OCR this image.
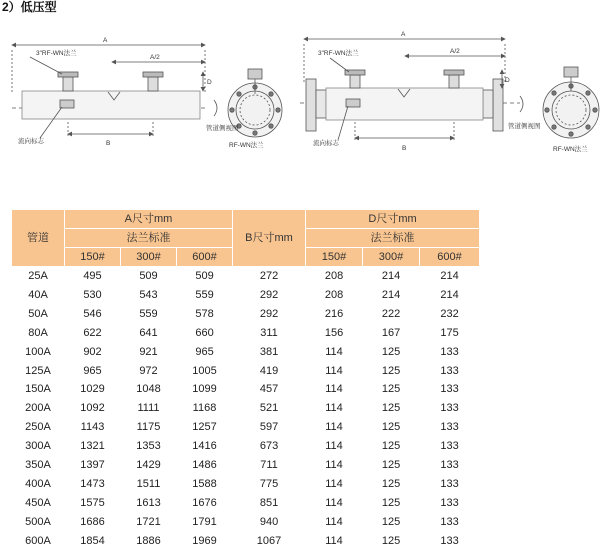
2）低压型
A
A/2
B
D
3"RF-WN法兰
流向标志
管道侧视图
RF-WN法兰
A
A/2
B
D
3"RF-WN法兰
流向标志
管道侧视图
RF-WN法兰
管道	A尺寸mm			B尺寸mm	D尺寸mm		
	法兰标准				法兰标准		
	150#	300#	600#		150#	300#	600#
25A	495	509	509	272	208	214	214
40A	530	543	559	292	208	214	214
50A	546	559	578	292	216	222	232
80A	622	641	660	311	156	167	175
100A	902	921	965	381	114	125	133
125A	965	972	1005	419	114	125	133
150A	1029	1048	1099	457	114	125	133
200A	1092	1111	1168	521	114	125	133
250A	1143	1175	1257	597	114	125	133
300A	1321	1353	1416	673	114	125	133
350A	1397	1429	1486	711	114	125	133
400A	1473	1511	1588	775	114	125	133
450A	1575	1613	1676	851	114	125	133
500A	1686	1721	1791	940	114	125	133
600A	1854	1886	1969	1067	114	125	133
